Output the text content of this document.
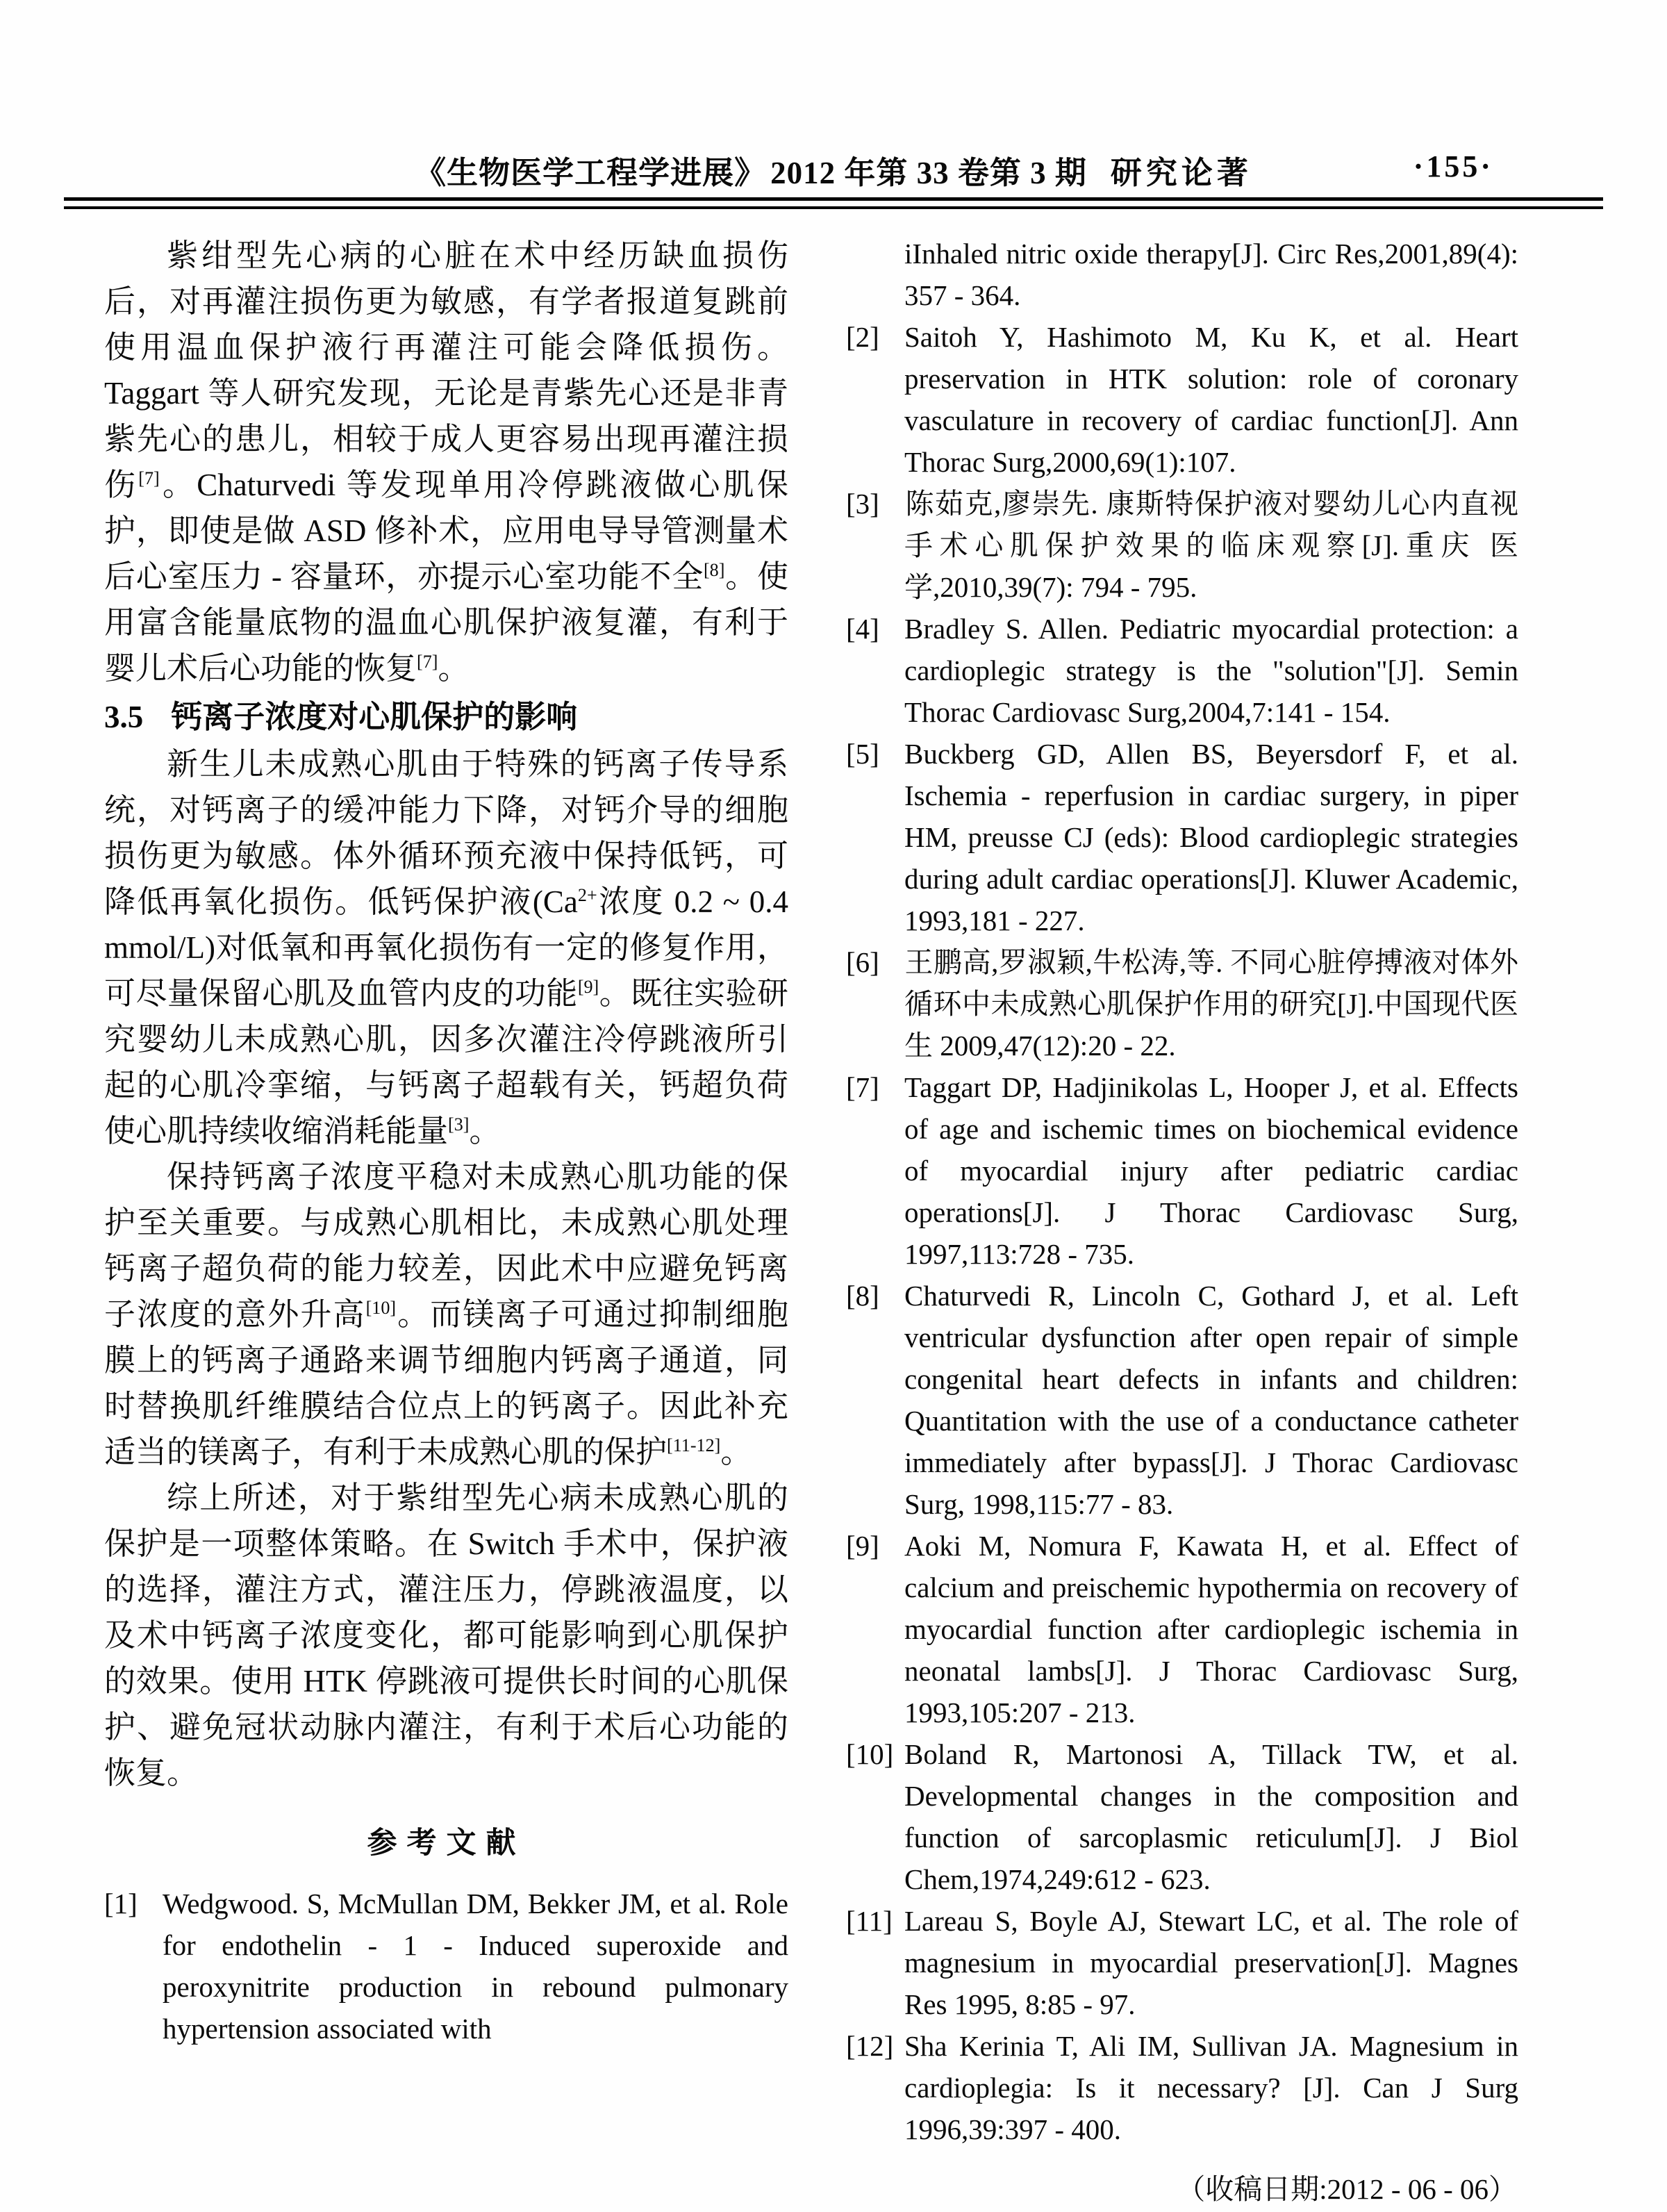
《生物医学工程学进展》 2012 年第 33 卷第 3 期 研究论著	·155·

紫绀型先心病的心脏在术中经历缺血损伤后，对再灌注损伤更为敏感，有学者报道复跳前使用温血保护液行再灌注可能会降低损伤。Taggart 等人研究发现，无论是青紫先心还是非青紫先心的患儿，相较于成人更容易出现再灌注损伤[7]。Chaturvedi 等发现单用冷停跳液做心肌保护，即使是做 ASD 修补术，应用电导导管测量术后心室压力 - 容量环，亦提示心室功能不全[8]。使用富含能量底物的温血心肌保护液复灌，有利于婴儿术后心功能的恢复[7]。

3.5 钙离子浓度对心肌保护的影响

新生儿未成熟心肌由于特殊的钙离子传导系统，对钙离子的缓冲能力下降，对钙介导的细胞损伤更为敏感。体外循环预充液中保持低钙，可降低再氧化损伤。低钙保护液($Ca^{2+}$浓度 0.2 ~ 0.4 mmol/L)对低氧和再氧化损伤有一定的修复作用，可尽量保留心肌及血管内皮的功能[9]。既往实验研究婴幼儿未成熟心肌，因多次灌注冷停跳液所引起的心肌冷挛缩，与钙离子超载有关，钙超负荷使心肌持续收缩消耗能量[3]。

保持钙离子浓度平稳对未成熟心肌功能的保护至关重要。与成熟心肌相比，未成熟心肌处理钙离子超负荷的能力较差，因此术中应避免钙离子浓度的意外升高[10]。而镁离子可通过抑制细胞膜上的钙离子通路来调节细胞内钙离子通道，同时替换肌纤维膜结合位点上的钙离子。因此补充适当的镁离子，有利于未成熟心肌的保护[11-12]。

综上所述，对于紫绀型先心病未成熟心肌的保护是一项整体策略。在 Switch 手术中，保护液的选择，灌注方式，灌注压力，停跳液温度，以及术中钙离子浓度变化，都可能影响到心肌保护的效果。使用 HTK 停跳液可提供长时间的心肌保护、避免冠状动脉内灌注，有利于术后心功能的恢复。

参考文献
[1] Wedgwood. S, McMullan DM, Bekker JM, et al. Role for endothelin - 1 - Induced superoxide and peroxynitrite production in rebound pulmonary hypertension associated with
iInhaled nitric oxide therapy[J]. Circ Res,2001,89(4): 357 - 364.
[2] Saitoh Y, Hashimoto M, Ku K, et al. Heart preservation in HTK solution: role of coronary vasculature in recovery of cardiac function[J]. Ann Thorac Surg,2000,69(1):107.
[3] 陈茹克,廖崇先. 康斯特保护液对婴幼儿心内直视手术心肌保护效果的临床观察[J].重庆 医学,2010,39(7): 794 - 795.
[4] Bradley S. Allen. Pediatric myocardial protection: a cardioplegic strategy is the "solution"[J]. Semin Thorac Cardiovasc Surg,2004,7:141 - 154.
[5] Buckberg GD, Allen BS, Beyersdorf F, et al. Ischemia - reperfusion in cardiac surgery, in piper HM, preusse CJ (eds): Blood cardioplegic strategies during adult cardiac operations[J]. Kluwer Academic, 1993,181 - 227.
[6] 王鹏高,罗淑颖,牛松涛,等. 不同心脏停搏液对体外循环中未成熟心肌保护作用的研究[J].中国现代医生 2009,47(12):20 - 22.
[7] Taggart DP, Hadjinikolas L, Hooper J, et al. Effects of age and ischemic times on biochemical evidence of myocardial injury after pediatric cardiac operations[J]. J Thorac Cardiovasc Surg, 1997,113:728 - 735.
[8] Chaturvedi R, Lincoln C, Gothard J, et al. Left ventricular dysfunction after open repair of simple congenital heart defects in infants and children: Quantitation with the use of a conductance catheter immediately after bypass[J]. J Thorac Cardiovasc Surg, 1998,115:77 - 83.
[9] Aoki M, Nomura F, Kawata H, et al. Effect of calcium and preischemic hypothermia on recovery of myocardial function after cardioplegic ischemia in neonatal lambs[J]. J Thorac Cardiovasc Surg, 1993,105:207 - 213.
[10] Boland R, Martonosi A, Tillack TW, et al. Developmental changes in the composition and function of sarcoplasmic reticulum[J]. J Biol Chem,1974,249:612 - 623.
[11] Lareau S, Boyle AJ, Stewart LC, et al. The role of magnesium in myocardial preservation[J]. Magnes Res 1995, 8:85 - 97.
[12] Sha Kerinia T, Ali IM, Sullivan JA. Magnesium in cardioplegia: Is it necessary? [J]. Can J Surg 1996,39:397 - 400.
（收稿日期:2012 - 06 - 06）
